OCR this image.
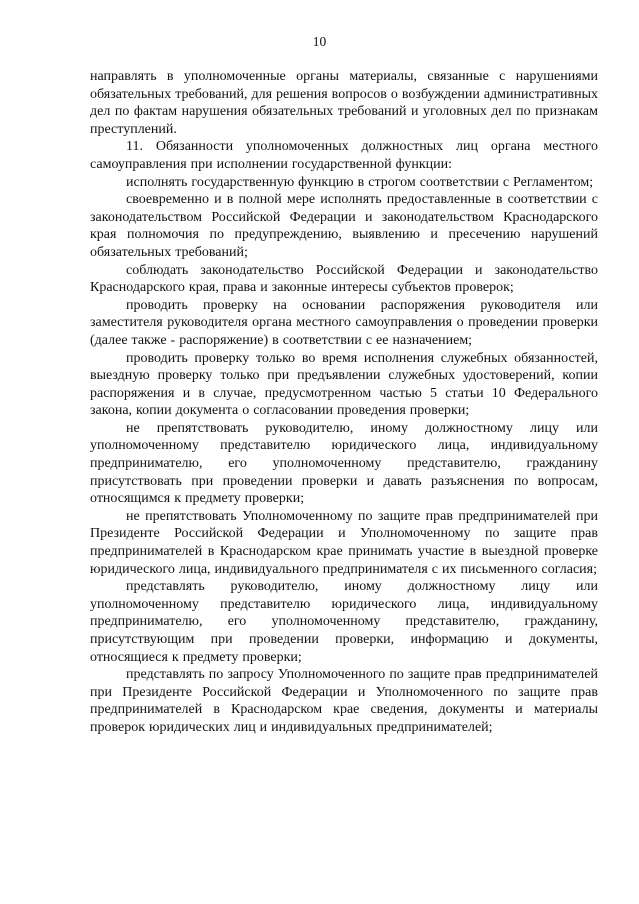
10

направлять в уполномоченные органы материалы, связанные с нарушениями обязательных требований, для решения вопросов о возбуждении административных дел по фактам нарушения обязательных требований и уголовных дел по признакам преступлений.

11. Обязанности уполномоченных должностных лиц органа местного самоуправления при исполнении государственной функции:

исполнять государственную функцию в строгом соответствии с Регламентом;

своевременно и в полной мере исполнять предоставленные в соответствии с законодательством Российской Федерации и законодательством Краснодарского края полномочия по предупреждению, выявлению и пресечению нарушений обязательных требований;

соблюдать законодательство Российской Федерации и законодательство Краснодарского края, права и законные интересы субъектов проверок;

проводить проверку на основании распоряжения руководителя или заместителя руководителя органа местного самоуправления о проведении проверки (далее также - распоряжение) в соответствии с ее назначением;

проводить проверку только во время исполнения служебных обязанностей, выездную проверку только при предъявлении служебных удостоверений, копии распоряжения и в случае, предусмотренном частью 5 статьи 10 Федерального закона, копии документа о согласовании проведения проверки;

не препятствовать руководителю, иному должностному лицу или уполномоченному представителю юридического лица, индивидуальному предпринимателю, его уполномоченному представителю, гражданину присутствовать при проведении проверки и давать разъяснения по вопросам, относящимся к предмету проверки;

не препятствовать Уполномоченному по защите прав предпринимателей при Президенте Российской Федерации и Уполномоченному по защите прав предпринимателей в Краснодарском крае принимать участие в выездной проверке юридического лица, индивидуального предпринимателя с их письменного согласия;

представлять руководителю, иному должностному лицу или уполномоченному представителю юридического лица, индивидуальному предпринимателю, его уполномоченному представителю, гражданину, присутствующим при проведении проверки, информацию и документы, относящиеся к предмету проверки;

представлять по запросу Уполномоченного по защите прав предпринимателей при Президенте Российской Федерации и Уполномоченного по защите прав предпринимателей в Краснодарском крае сведения, документы и материалы проверок юридических лиц и индивидуальных предпринимателей;
